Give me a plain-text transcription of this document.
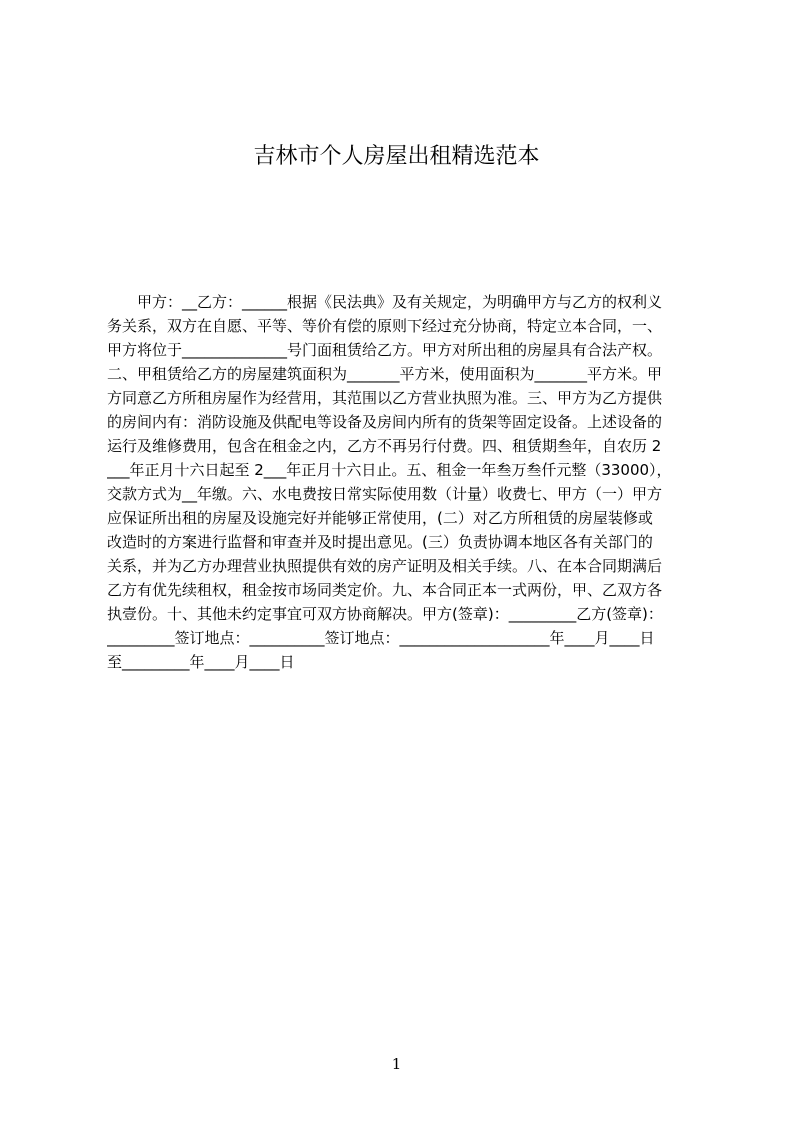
吉林市个人房屋出租精选范本
　　甲方：__乙方：______根据《民法典》及有关规定，为明确甲方与乙方的权利义
务关系，双方在自愿、平等、等价有偿的原则下经过充分协商，特定立本合同，一、
甲方将位于______________号门面租赁给乙方。甲方对所出租的房屋具有合法产权。
二、甲租赁给乙方的房屋建筑面积为_______平方米，使用面积为_______平方米。甲
方同意乙方所租房屋作为经营用，其范围以乙方营业执照为准。三、甲方为乙方提供
的房间内有：消防设施及供配电等设备及房间内所有的货架等固定设备。上述设备的
运行及维修费用，包含在租金之内，乙方不再另行付费。四、租赁期叁年，自农历 2
___年正月十六日起至 2___年正月十六日止。五、租金一年叁万叁仟元整（33000），
交款方式为__年缴。六、水电费按日常实际使用数（计量）收费七、甲方（一）甲方
应保证所出租的房屋及设施完好并能够正常使用，(二）对乙方所租赁的房屋装修或
改造时的方案进行监督和审查并及时提出意见。(三）负责协调本地区各有关部门的
关系，并为乙方办理营业执照提供有效的房产证明及相关手续。八、在本合同期满后
乙方有优先续租权，租金按市场同类定价。九、本合同正本一式两份，甲、乙双方各
执壹份。十、其他未约定事宜可双方协商解决。甲方(签章)：_________乙方(签章)：
_________签订地点：__________签订地点：____________________年____月____日
至_________年____月____日
1
